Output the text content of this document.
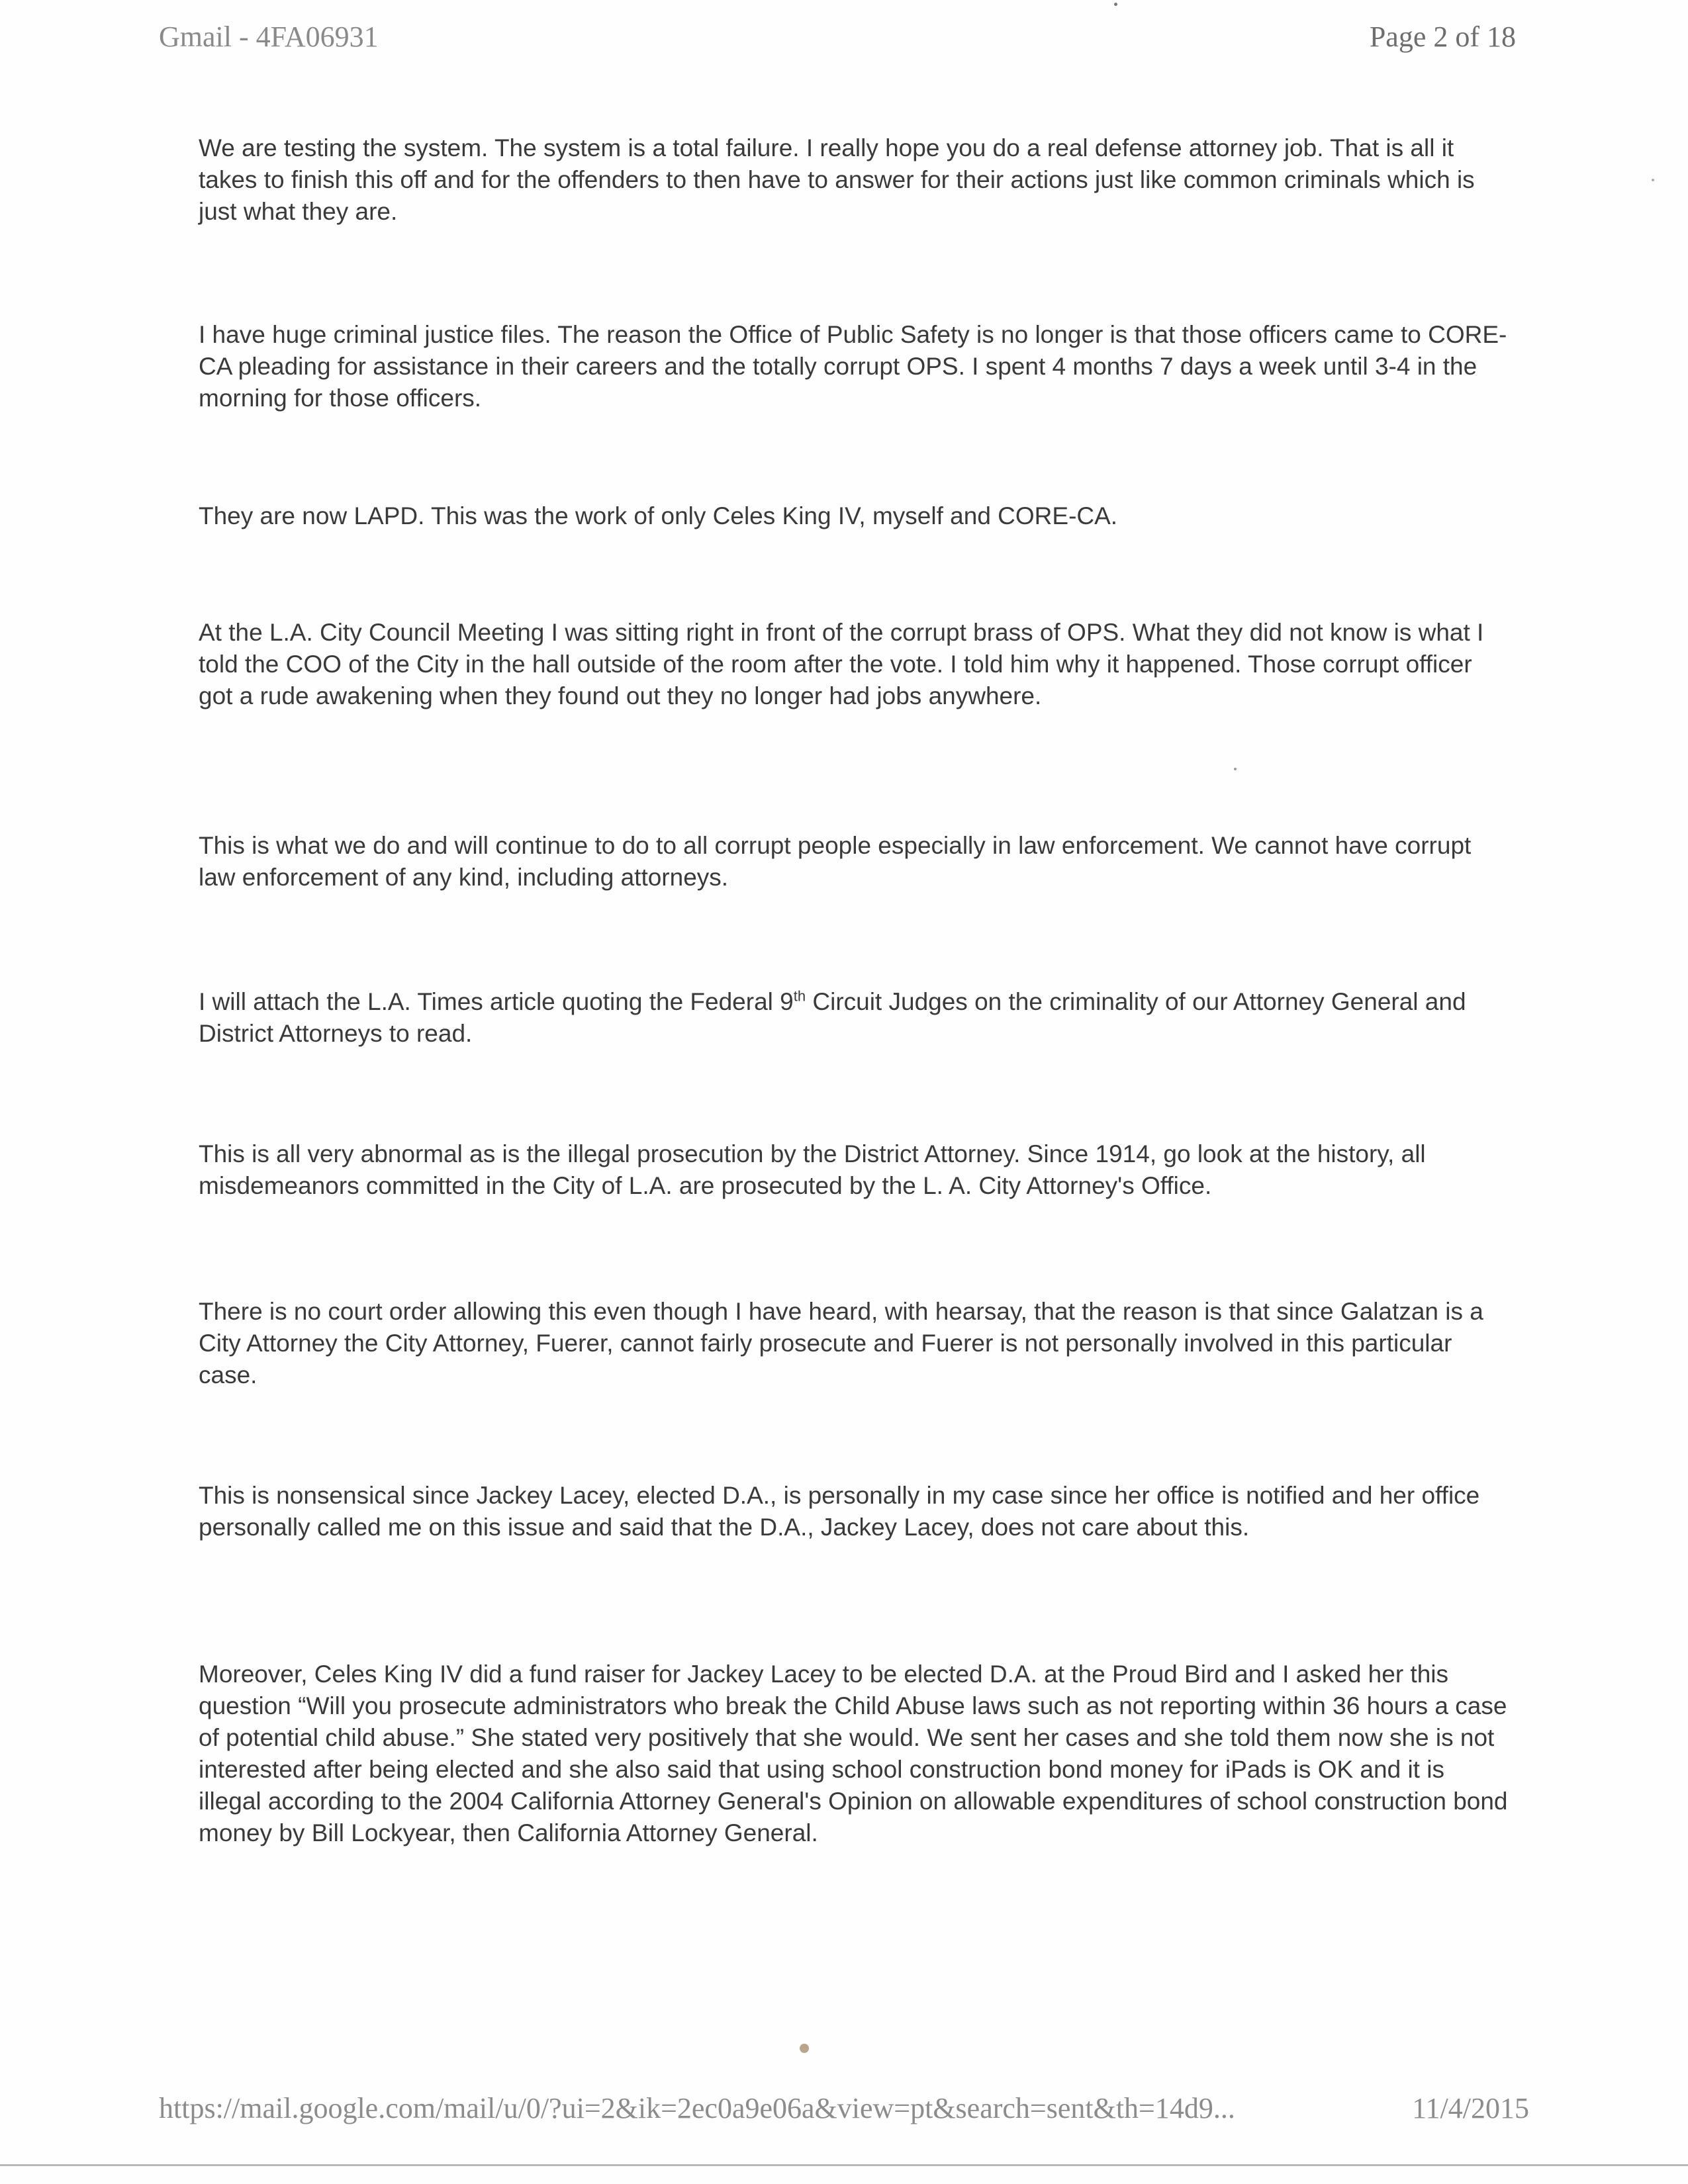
Gmail - 4FA06931	Page 2 of 18

We are testing the system. The system is a total failure. I really hope you do a real defense attorney job. That is all it takes to finish this off and for the offenders to then have to answer for their actions just like common criminals which is just what they are.

I have huge criminal justice files. The reason the Office of Public Safety is no longer is that those officers came to CORE-CA pleading for assistance in their careers and the totally corrupt OPS. I spent 4 months 7 days a week until 3-4 in the morning for those officers.

They are now LAPD. This was the work of only Celes King IV, myself and CORE-CA.

At the L.A. City Council Meeting I was sitting right in front of the corrupt brass of OPS. What they did not know is what I told the COO of the City in the hall outside of the room after the vote. I told him why it happened. Those corrupt officer got a rude awakening when they found out they no longer had jobs anywhere.

This is what we do and will continue to do to all corrupt people especially in law enforcement. We cannot have corrupt law enforcement of any kind, including attorneys.

I will attach the L.A. Times article quoting the Federal 9th Circuit Judges on the criminality of our Attorney General and District Attorneys to read.

This is all very abnormal as is the illegal prosecution by the District Attorney. Since 1914, go look at the history, all misdemeanors committed in the City of L.A. are prosecuted by the L. A. City Attorney's Office.

There is no court order allowing this even though I have heard, with hearsay, that the reason is that since Galatzan is a City Attorney the City Attorney, Fuerer, cannot fairly prosecute and Fuerer is not personally involved in this particular case.

This is nonsensical since Jackey Lacey, elected D.A., is personally in my case since her office is notified and her office personally called me on this issue and said that the D.A., Jackey Lacey, does not care about this.

Moreover, Celes King IV did a fund raiser for Jackey Lacey to be elected D.A. at the Proud Bird and I asked her this question “Will you prosecute administrators who break the Child Abuse laws such as not reporting within 36 hours a case of potential child abuse.” She stated very positively that she would. We sent her cases and she told them now she is not interested after being elected and she also said that using school construction bond money for iPads is OK and it is illegal according to the 2004 California Attorney General's Opinion on allowable expenditures of school construction bond money by Bill Lockyear, then California Attorney General.

https://mail.google.com/mail/u/0/?ui=2&ik=2ec0a9e06a&view=pt&search=sent&th=14d9...	11/4/2015
